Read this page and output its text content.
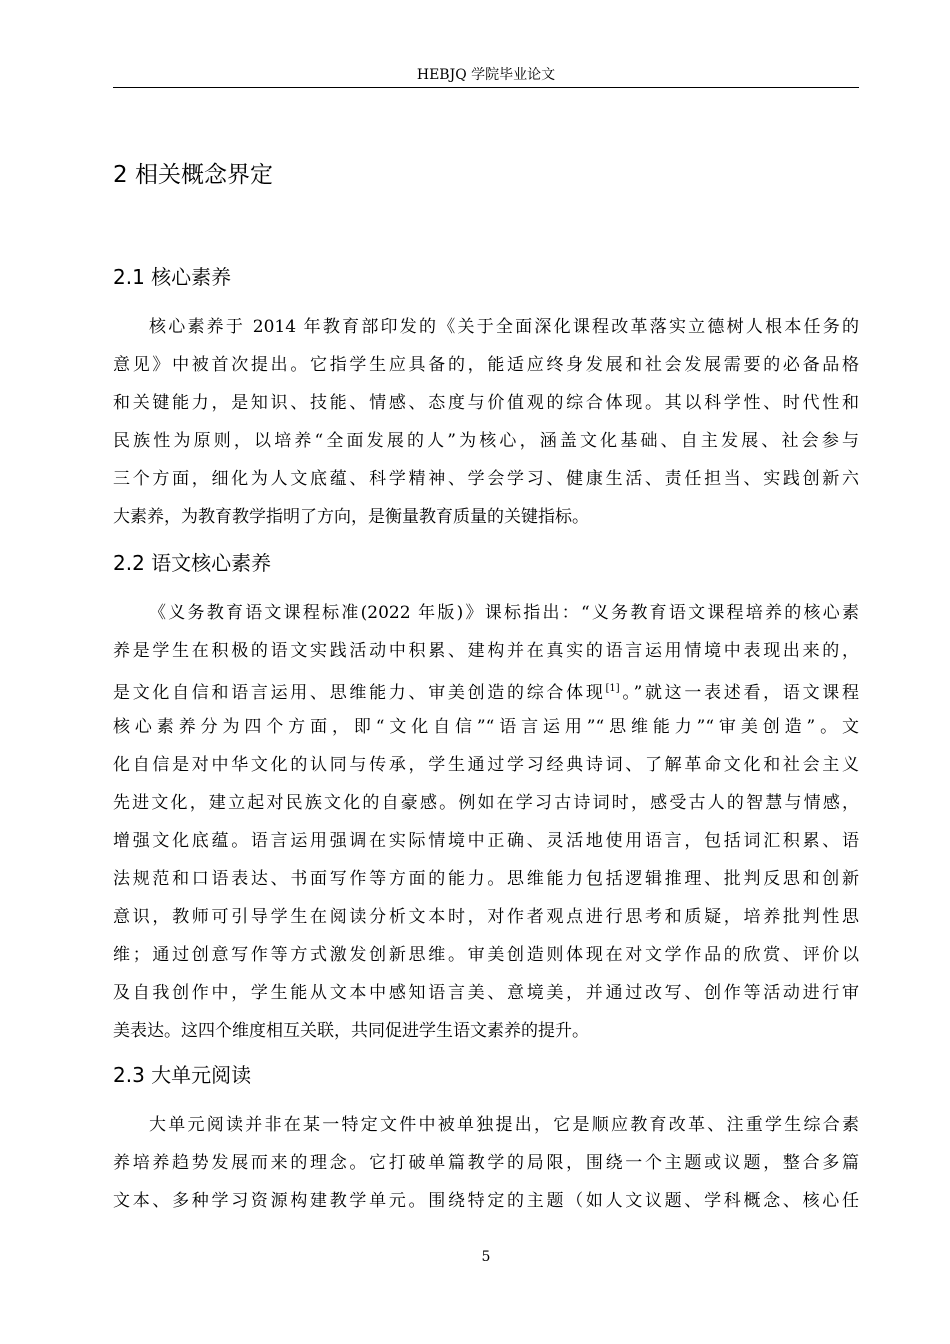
HEBJQ 学院毕业论文
2 相关概念界定
2.1 核心素养

核心素养于 2014 年教育部印发的《关于全面深化课程改革落实立德树人根本任务的

意见》中被首次提出。它指学生应具备的，能适应终身发展和社会发展需要的必备品格

和关键能力，是知识、技能、情感、态度与价值观的综合体现。其以科学性、时代性和

民族性为原则，以培养“全面发展的人”为核心，涵盖文化基础、自主发展、社会参与

三个方面，细化为人文底蕴、科学精神、学会学习、健康生活、责任担当、实践创新六

大素养，为教育教学指明了方向，是衡量教育质量的关键指标。

2.2 语文核心素养

《义务教育语文课程标准(2022 年版)》课标指出：“义务教育语文课程培养的核心素

养是学生在积极的语文实践活动中积累、建构并在真实的语言运用情境中表现出来的，

是文化自信和语言运用、思维能力、审美创造的综合体现[1]。”就这一表述看，语文课程

核心素养分为四个方面，即“文化自信”“语言运用”“思维能力”“审美创造”。文

化自信是对中华文化的认同与传承，学生通过学习经典诗词、了解革命文化和社会主义

先进文化，建立起对民族文化的自豪感。例如在学习古诗词时，感受古人的智慧与情感，

增强文化底蕴。语言运用强调在实际情境中正确、灵活地使用语言，包括词汇积累、语

法规范和口语表达、书面写作等方面的能力。思维能力包括逻辑推理、批判反思和创新

意识，教师可引导学生在阅读分析文本时，对作者观点进行思考和质疑，培养批判性思

维；通过创意写作等方式激发创新思维。审美创造则体现在对文学作品的欣赏、评价以

及自我创作中，学生能从文本中感知语言美、意境美，并通过改写、创作等活动进行审

美表达。这四个维度相互关联，共同促进学生语文素养的提升。

2.3 大单元阅读

大单元阅读并非在某一特定文件中被单独提出，它是顺应教育改革、注重学生综合素

养培养趋势发展而来的理念。它打破单篇教学的局限，围绕一个主题或议题，整合多篇

文本、多种学习资源构建教学单元。围绕特定的主题（如人文议题、学科概念、核心任

5
